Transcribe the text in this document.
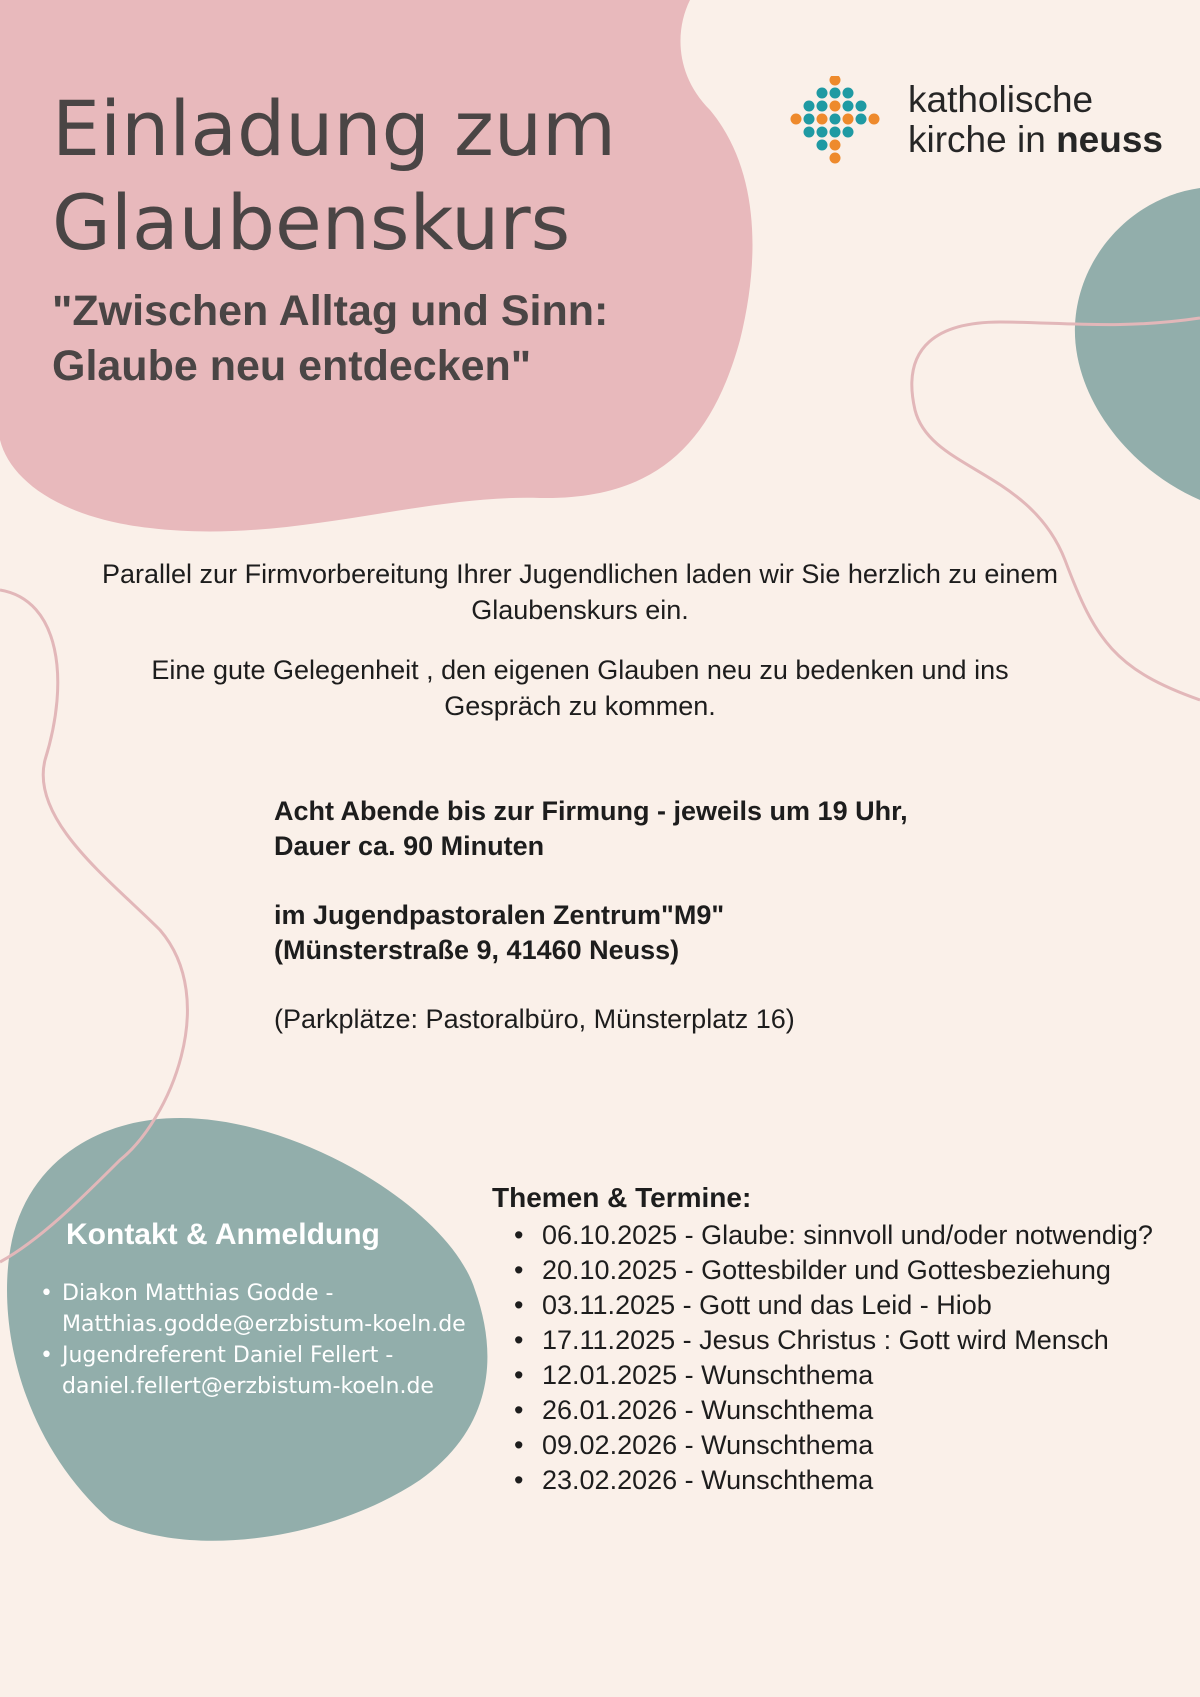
Einladung zum
Glaubenskurs
"Zwischen Alltag und Sinn:
Glaube neu entdecken"
katholische
kirche in neuss

Parallel zur Firmvorbereitung Ihrer Jugendlichen laden wir Sie herzlich zu einem
Glaubenskurs ein.

Eine gute Gelegenheit , den eigenen Glauben neu zu bedenken und ins
Gespräch zu kommen.

Acht Abende bis zur Firmung - jeweils um 19 Uhr,
Dauer ca. 90 Minuten

im Jugendpastoralen Zentrum"M9"
(Münsterstraße 9, 41460 Neuss)

(Parkplätze: Pastoralbüro, Münsterplatz 16)

Kontakt & Anmeldung
• Diakon Matthias Godde -
Matthias.godde@erzbistum-koeln.de
• Jugendreferent Daniel Fellert -
daniel.fellert@erzbistum-koeln.de
Themen & Termine:
• 06.10.2025 - Glaube: sinnvoll und/oder notwendig?
• 20.10.2025 - Gottesbilder und Gottesbeziehung
• 03.11.2025 - Gott und das Leid - Hiob
• 17.11.2025 - Jesus Christus : Gott wird Mensch
• 12.01.2025 - Wunschthema
• 26.01.2026 - Wunschthema
• 09.02.2026 - Wunschthema
• 23.02.2026 - Wunschthema
